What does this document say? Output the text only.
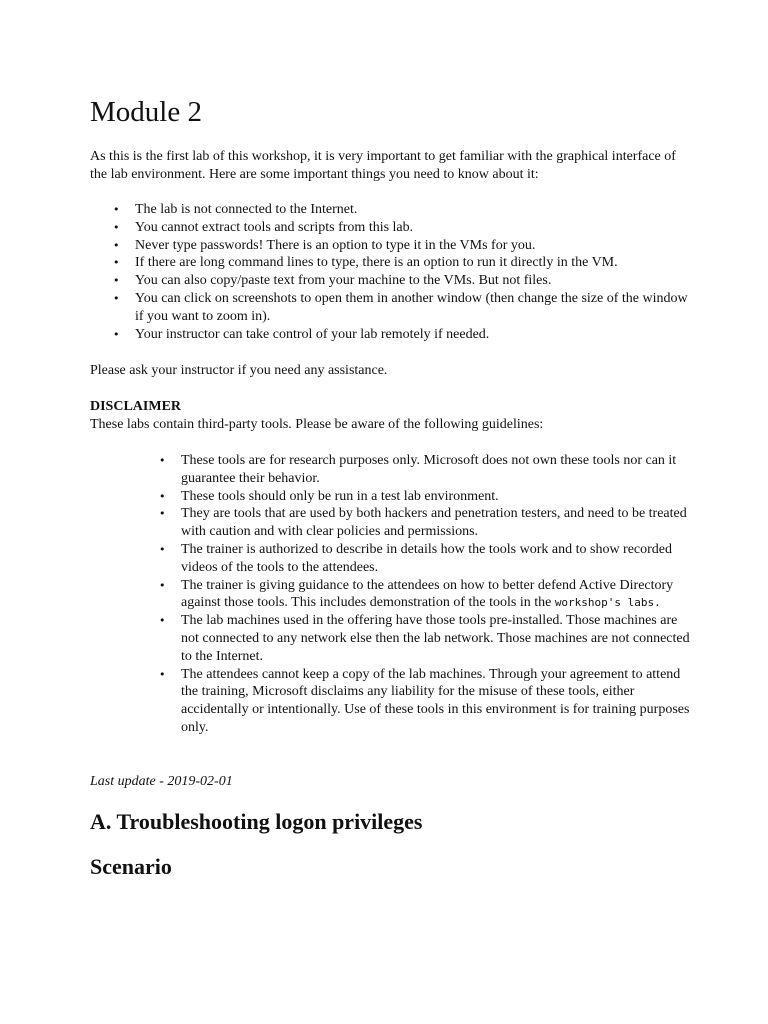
Module 2

As this is the first lab of this workshop, it is very important to get familiar with the graphical interface of the lab environment. Here are some important things you need to know about it:

• The lab is not connected to the Internet.
• You cannot extract tools and scripts from this lab.
• Never type passwords! There is an option to type it in the VMs for you.
• If there are long command lines to type, there is an option to run it directly in the VM.
• You can also copy/paste text from your machine to the VMs. But not files.
• You can click on screenshots to open them in another window (then change the size of the window if you want to zoom in).
• Your instructor can take control of your lab remotely if needed.

Please ask your instructor if you need any assistance.

DISCLAIMER

These labs contain third-party tools. Please be aware of the following guidelines:

• These tools are for research purposes only. Microsoft does not own these tools nor can it guarantee their behavior.
• These tools should only be run in a test lab environment.
• They are tools that are used by both hackers and penetration testers, and need to be treated with caution and with clear policies and permissions.
• The trainer is authorized to describe in details how the tools work and to show recorded videos of the tools to the attendees.
• The trainer is giving guidance to the attendees on how to better defend Active Directory against those tools. This includes demonstration of the tools in the workshop's labs.
• The lab machines used in the offering have those tools pre-installed. Those machines are not connected to any network else then the lab network. Those machines are not connected to the Internet.
• The attendees cannot keep a copy of the lab machines. Through your agreement to attend the training, Microsoft disclaims any liability for the misuse of these tools, either accidentally or intentionally. Use of these tools in this environment is for training purposes only.

Last update - 2019-02-01

A. Troubleshooting logon privileges
Scenario
